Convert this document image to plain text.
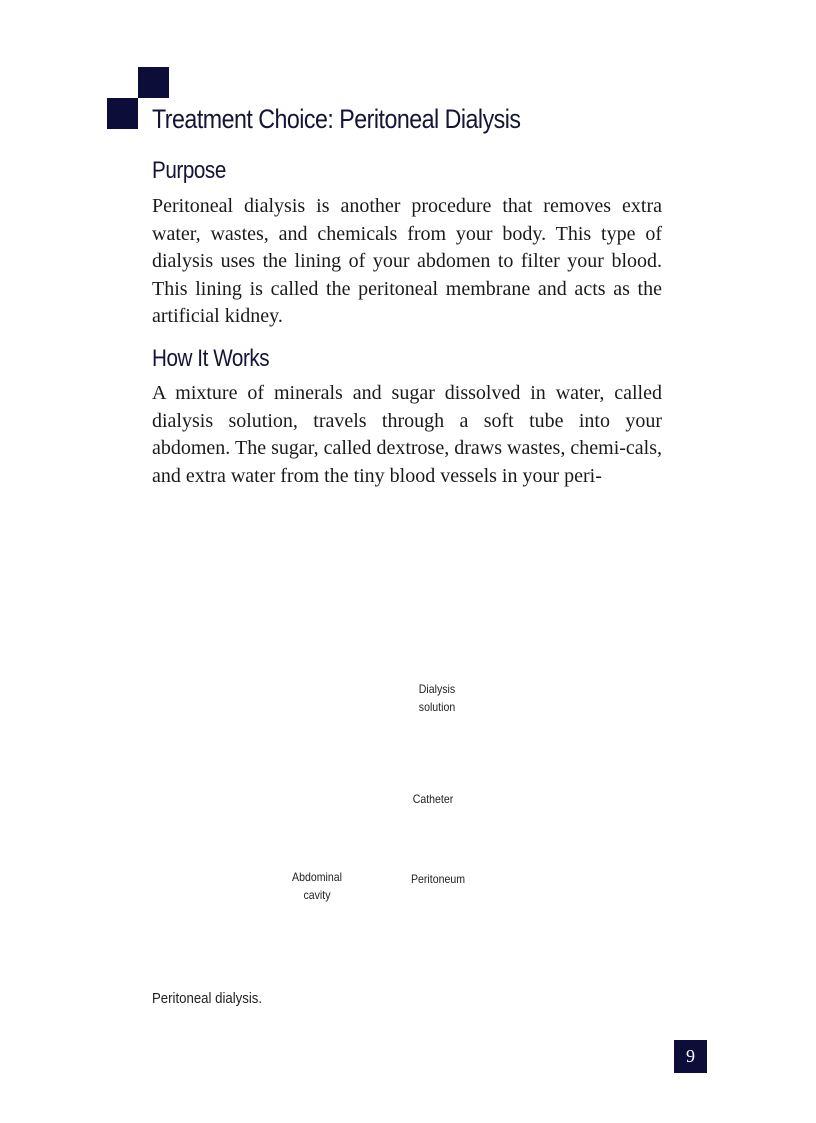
Treatment Choice: Peritoneal Dialysis
Purpose

Peritoneal dialysis is another procedure that removes extra water, wastes, and chemicals from your body. This type of dialysis uses the lining of your abdomen to filter your blood. This lining is called the peritoneal membrane and acts as the artificial kidney.

How It Works

A mixture of minerals and sugar dissolved in water, called dialysis solution, travels through a soft tube into your abdomen. The sugar, called dextrose, draws wastes, chemi-cals, and extra water from the tiny blood vessels in your peri-

Dialysis
solution
Catheter
Abdominal
cavity
Peritoneum

Peritoneal dialysis.

9
